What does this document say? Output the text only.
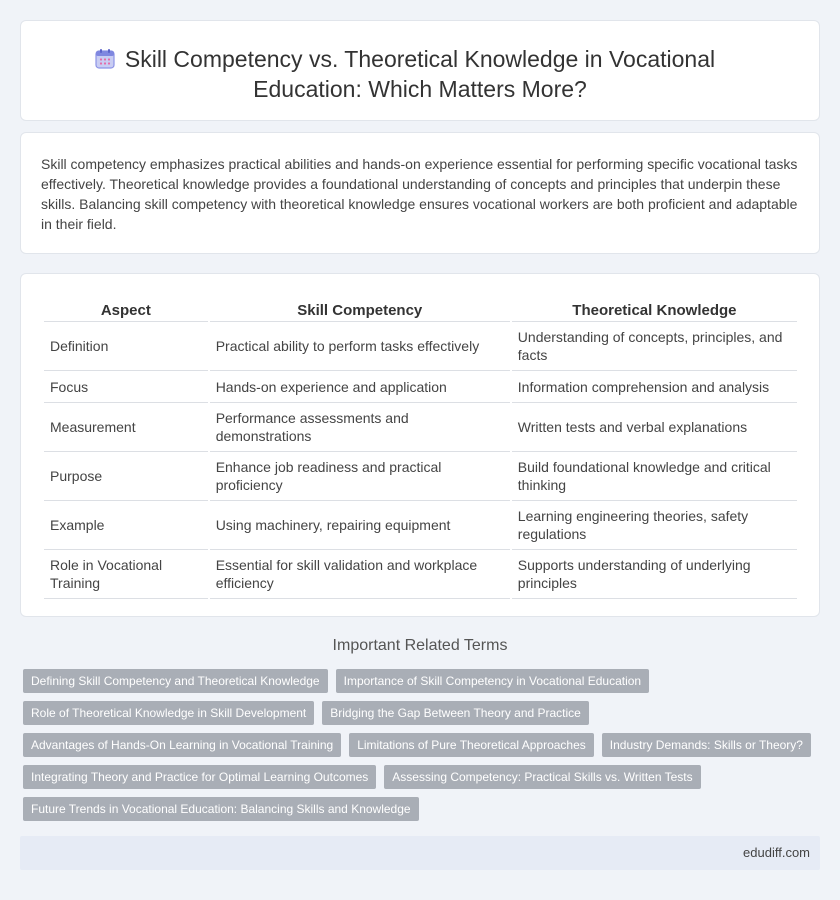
Skill Competency vs. Theoretical Knowledge in Vocational Education: Which Matters More?

Skill competency emphasizes practical abilities and hands-on experience essential for performing specific vocational tasks effectively. Theoretical knowledge provides a foundational understanding of concepts and principles that underpin these skills. Balancing skill competency with theoretical knowledge ensures vocational workers are both proficient and adaptable in their field.

Aspect	Skill Competency	Theoretical Knowledge
Definition	Practical ability to perform tasks effectively	Understanding of concepts, principles, and facts
Focus	Hands-on experience and application	Information comprehension and analysis
Measurement	Performance assessments and demonstrations	Written tests and verbal explanations
Purpose	Enhance job readiness and practical proficiency	Build foundational knowledge and critical thinking
Example	Using machinery, repairing equipment	Learning engineering theories, safety regulations
Role in Vocational Training	Essential for skill validation and workplace efficiency	Supports understanding of underlying principles
Important Related Terms
Defining Skill Competency and Theoretical Knowledge	Importance of Skill Competency in Vocational Education
Role of Theoretical Knowledge in Skill Development	Bridging the Gap Between Theory and Practice
Advantages of Hands-On Learning in Vocational Training	Limitations of Pure Theoretical Approaches	Industry Demands: Skills or Theory?
Integrating Theory and Practice for Optimal Learning Outcomes	Assessing Competency: Practical Skills vs. Written Tests
Future Trends in Vocational Education: Balancing Skills and Knowledge
edudiff.com
